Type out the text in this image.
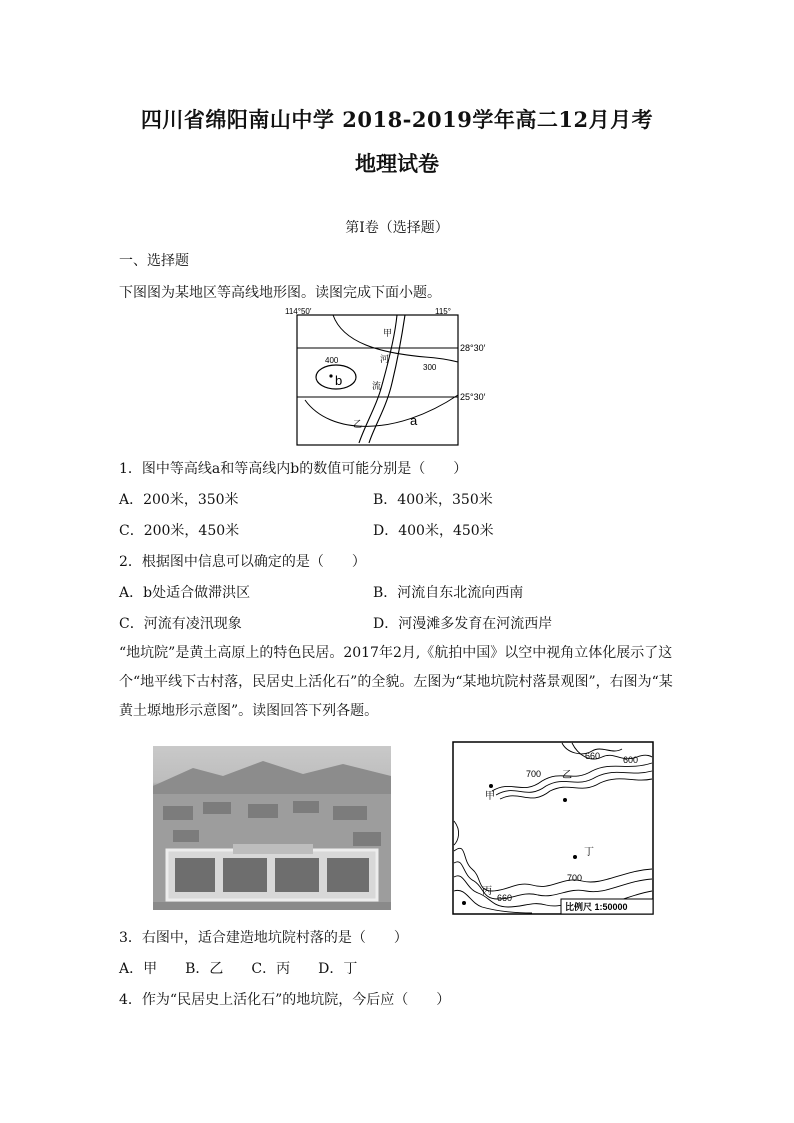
四川省绵阳南山中学 2018-2019学年高二12月月考
地理试卷
第Ⅰ卷（选择题）
一、选择题
下图图为某地区等高线地形图。读图完成下面小题。
114°50′	115°
28°30′
25°30′
甲
河
流
乙
400
300
b
a
1．图中等高线a和等高线内b的数值可能分别是（　　）
A．200米，350米	B．400米，350米
C．200米，450米	D．400米，450米
2．根据图中信息可以确定的是（　　）
A．b处适合做滞洪区	B．河流自东北流向西南
C．河流有凌汛现象	D．河漫滩多发育在河流西岸
“地坑院”是黄土高原上的特色民居。2017年2月,《航拍中国》以空中视角立体化展示了这个“地平线下古村落，民居史上活化石”的全貌。左图为“某地坑院村落景观图”，右图为“某黄土塬地形示意图”。读图回答下列各题。
660	600
700 乙
甲
丁
700
丙
660
比例尺 1:50000
3．右图中，适合建造地坑院村落的是（　　）
A．甲　　B．乙　　C．丙　　D．丁
4．作为“民居史上活化石”的地坑院，今后应（　　）
